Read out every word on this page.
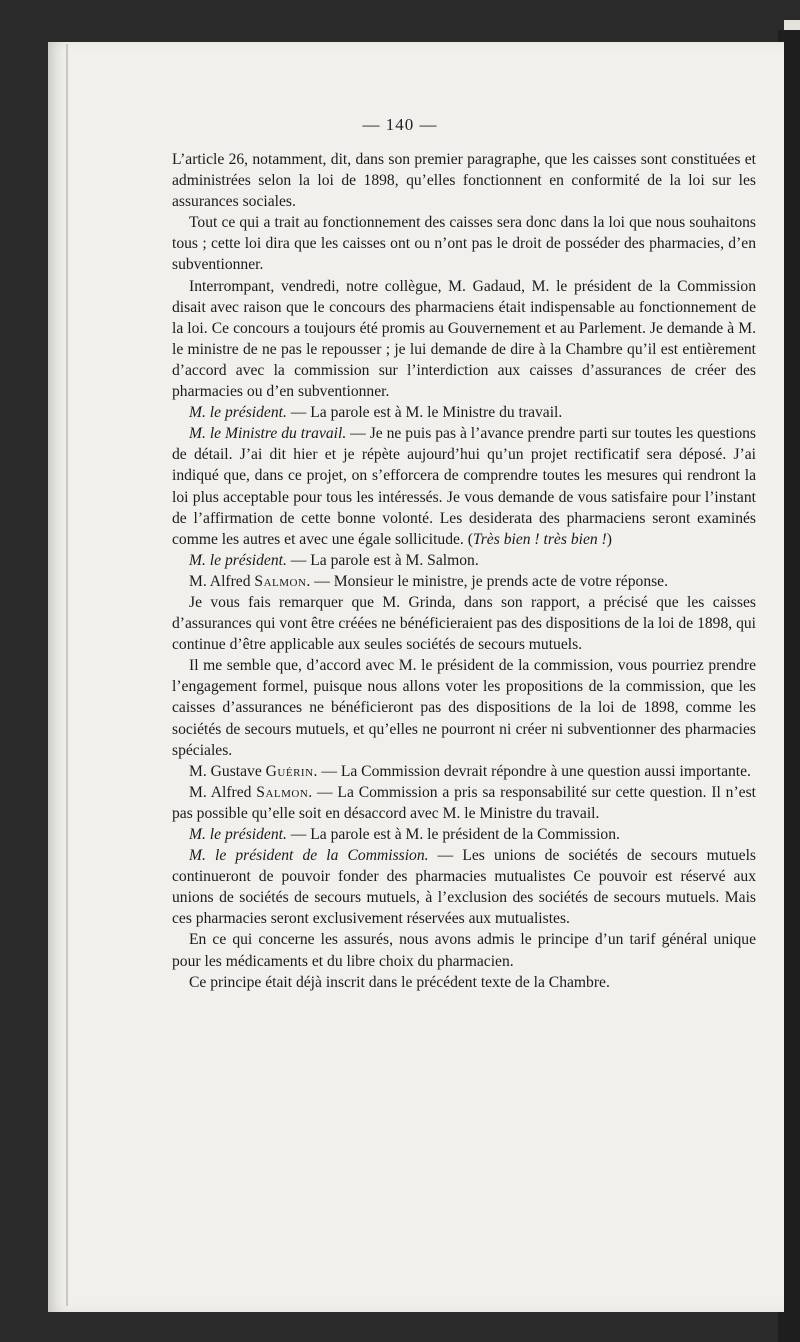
— 140 —

L’article 26, notamment, dit, dans son premier paragraphe, que les caisses sont constituées et administrées selon la loi de 1898, qu’elles fonctionnent en conformité de la loi sur les assurances sociales.

Tout ce qui a trait au fonctionnement des caisses sera donc dans la loi que nous souhaitons tous ; cette loi dira que les caisses ont ou n’ont pas le droit de posséder des pharmacies, d’en subventionner.

Interrompant, vendredi, notre collègue, M. Gadaud, M. le président de la Commission disait avec raison que le concours des pharmaciens était indispensable au fonctionnement de la loi. Ce concours a toujours été promis au Gouvernement et au Parlement. Je demande à M. le ministre de ne pas le repousser ; je lui demande de dire à la Chambre qu’il est entièrement d’accord avec la commission sur l’interdiction aux caisses d’assurances de créer des pharmacies ou d’en subventionner.

M. le président. — La parole est à M. le Ministre du travail.

M. le Ministre du travail. — Je ne puis pas à l’avance prendre parti sur toutes les questions de détail. J’ai dit hier et je répète aujourd’hui qu’un projet rectificatif sera déposé. J’ai indiqué que, dans ce projet, on s’efforcera de comprendre toutes les mesures qui rendront la loi plus acceptable pour tous les intéressés. Je vous demande de vous satisfaire pour l’instant de l’affirmation de cette bonne volonté. Les desiderata des pharmaciens seront examinés comme les autres et avec une égale sollicitude. (Très bien ! très bien !)

M. le président. — La parole est à M. Salmon.

M. Alfred Salmon. — Monsieur le ministre, je prends acte de votre réponse.

Je vous fais remarquer que M. Grinda, dans son rapport, a précisé que les caisses d’assurances qui vont être créées ne bénéficieraient pas des dispositions de la loi de 1898, qui continue d’être applicable aux seules sociétés de secours mutuels.

Il me semble que, d’accord avec M. le président de la commission, vous pourriez prendre l’engagement formel, puisque nous allons voter les propositions de la commission, que les caisses d’assurances ne bénéficieront pas des dispositions de la loi de 1898, comme les sociétés de secours mutuels, et qu’elles ne pourront ni créer ni subventionner des pharmacies spéciales.

M. Gustave Guérin. — La Commission devrait répondre à une question aussi importante.

M. Alfred Salmon. — La Commission a pris sa responsabilité sur cette question. Il n’est pas possible qu’elle soit en désaccord avec M. le Ministre du travail.

M. le président. — La parole est à M. le président de la Commission.

M. le président de la Commission. — Les unions de sociétés de secours mutuels continueront de pouvoir fonder des pharmacies mutualistes Ce pouvoir est réservé aux unions de sociétés de secours mutuels, à l’exclusion des sociétés de secours mutuels. Mais ces pharmacies seront exclusivement réservées aux mutualistes.

En ce qui concerne les assurés, nous avons admis le principe d’un tarif général unique pour les médicaments et du libre choix du pharmacien.

Ce principe était déjà inscrit dans le précédent texte de la Chambre.
